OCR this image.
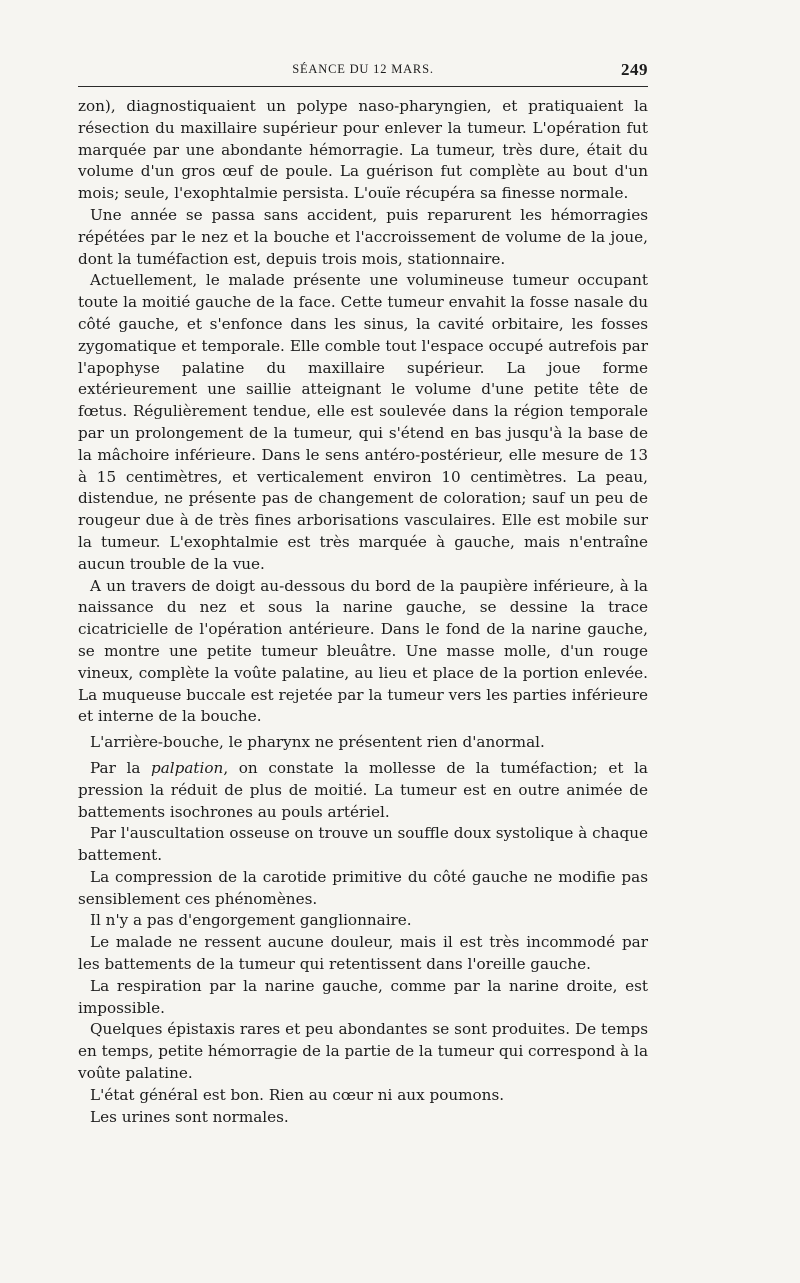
SÉANCE DU 12 MARS.	249

zon), diagnostiquaient un polype naso-pharyngien, et pratiquaient la résection du maxillaire supérieur pour enlever la tumeur. L'opération fut marquée par une abondante hémorragie. La tumeur, très dure, était du volume d'un gros œuf de poule. La guérison fut complète au bout d'un mois; seule, l'exophtalmie persista. L'ouïe récupéra sa finesse normale.

Une année se passa sans accident, puis reparurent les hémorragies répétées par le nez et la bouche et l'accroissement de volume de la joue, dont la tuméfaction est, depuis trois mois, stationnaire.

Actuellement, le malade présente une volumineuse tumeur occupant toute la moitié gauche de la face. Cette tumeur envahit la fosse nasale du côté gauche, et s'enfonce dans les sinus, la cavité orbitaire, les fosses zygomatique et temporale. Elle comble tout l'espace occupé autrefois par l'apophyse palatine du maxillaire supérieur. La joue forme extérieurement une saillie atteignant le volume d'une petite tête de fœtus. Régulièrement tendue, elle est soulevée dans la région temporale par un prolongement de la tumeur, qui s'étend en bas jusqu'à la base de la mâchoire inférieure. Dans le sens antéro-postérieur, elle mesure de 13 à 15 centimètres, et verticalement environ 10 centimètres. La peau, distendue, ne présente pas de changement de coloration; sauf un peu de rougeur due à de très fines arborisations vasculaires. Elle est mobile sur la tumeur. L'exophtalmie est très marquée à gauche, mais n'entraîne aucun trouble de la vue.

A un travers de doigt au-dessous du bord de la paupière inférieure, à la naissance du nez et sous la narine gauche, se dessine la trace cicatricielle de l'opération antérieure. Dans le fond de la narine gauche, se montre une petite tumeur bleuâtre. Une masse molle, d'un rouge vineux, complète la voûte palatine, au lieu et place de la portion enlevée. La muqueuse buccale est rejetée par la tumeur vers les parties inférieure et interne de la bouche.

L'arrière-bouche, le pharynx ne présentent rien d'anormal.

Par la palpation, on constate la mollesse de la tuméfaction; et la pression la réduit de plus de moitié. La tumeur est en outre animée de battements isochrones au pouls artériel.

Par l'auscultation osseuse on trouve un souffle doux systolique à chaque battement.

La compression de la carotide primitive du côté gauche ne modifie pas sensiblement ces phénomènes.

Il n'y a pas d'engorgement ganglionnaire.

Le malade ne ressent aucune douleur, mais il est très incommodé par les battements de la tumeur qui retentissent dans l'oreille gauche.

La respiration par la narine gauche, comme par la narine droite, est impossible.

Quelques épistaxis rares et peu abondantes se sont produites. De temps en temps, petite hémorragie de la partie de la tumeur qui correspond à la voûte palatine.

L'état général est bon. Rien au cœur ni aux poumons.

Les urines sont normales.
